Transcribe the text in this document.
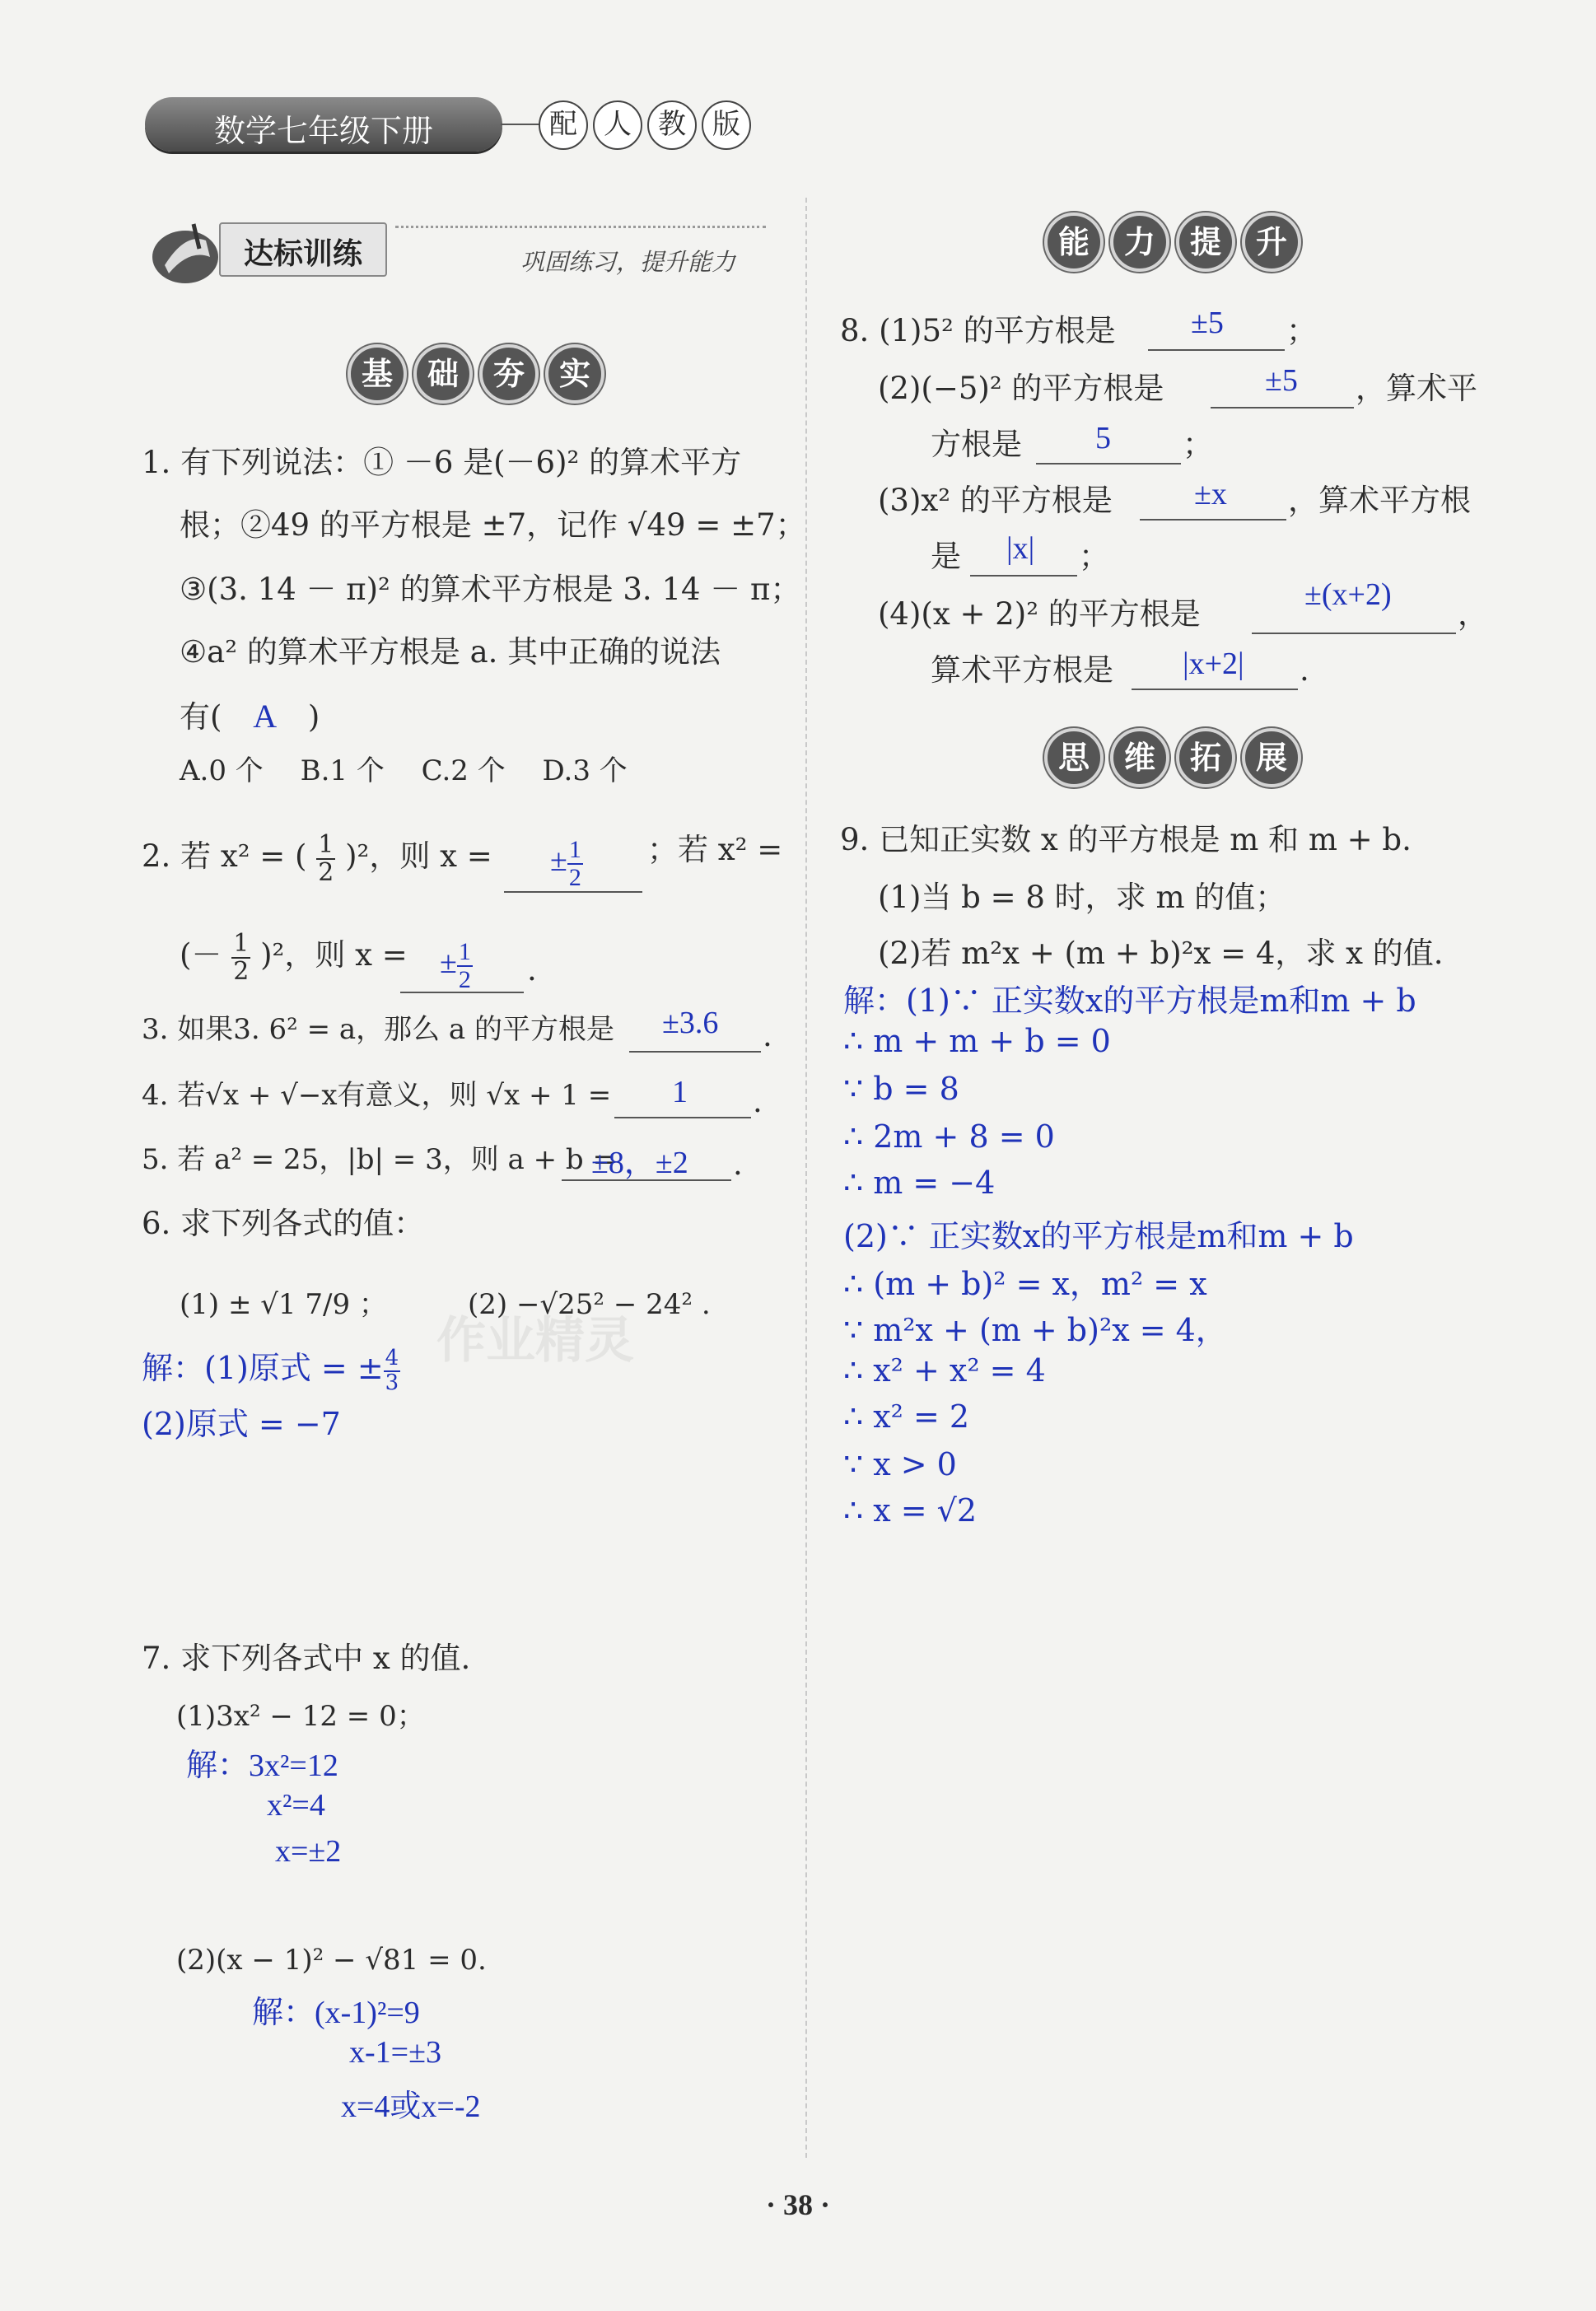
数学七年级下册	配 人 教 版
达标训练	巩固练习，提升能力
基	础	夯	实
1. 有下列说法：① －6 是(－6)² 的算术平方
根；②49 的平方根是 ±7，记作 √49 = ±7；
③(3. 14 － π)² 的算术平方根是 3. 14 － π；
④a² 的算术平方根是 a. 其中正确的说法
有( A )
A.0 个　 B.1 个　 C.2 个　 D.3 个
2. 若 x² = ( $\frac{1}{2} )^2$，则 x = ± $\frac{1}{2}$ ；若 x² =
(－ $\frac{1}{2} )^2$，则 x = ± $\frac{1}{2}$ .
3. 如果3. 6² = a，那么 a 的平方根是 ±3.6 .
4. 若√x + √−x有意义，则 √x + 1 = 1 .
5. 若 a² = 25，|b| = 3，则 a + b =
±8，±2 .
6. 求下列各式的值：
(1) ± √1 7/9 ；	(2) −√25² − 24² .
解：(1)原式 = ± $\frac{4}{3}$
(2)原式 = −7
7. 求下列各式中 x 的值.
(1)3x² − 12 = 0；
解：3x²=12
x²=4
x=±2
(2)(x − 1)² − √81 = 0.
解：(x-1)²=9
x-1=±3
x=4或x=-2
能	力	提	升
8. (1)5² 的平方根是 ±5 ；
(2)(−5)² 的平方根是	±5 ，算术平
方根是 5 ；
(3)x² 的平方根是	±x ，算术平方根
是 |x| ；
(4)(x + 2)² 的平方根是
±(x+2)
，
算术平方根是 |x+2| .
思	维	拓	展
9. 已知正实数 x 的平方根是 m 和 m + b.
(1)当 b = 8 时，求 m 的值；
(2)若 m²x + (m + b)²x = 4，求 x 的值.
解：(1)∵ 正实数x的平方根是m和m + b
∴ m + m + b = 0
∵ b = 8
∴ 2m + 8 = 0
∴ m = −4
(2)∵ 正实数x的平方根是m和m + b
∴ (m + b)² = x，m² = x
∵ m²x + (m + b)²x = 4，
∴ x² + x² = 4
∴ x² = 2
∵ x > 0
∴ x = √2
作业精灵
· 38 ·
